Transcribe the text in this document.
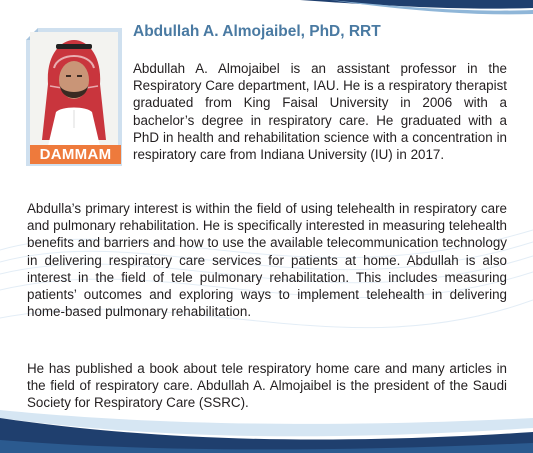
DAMMAM
Abdullah A. Almojaibel, PhD, RRT

Abdullah A. Almojaibel is an assistant professor in the Respiratory Care department, IAU. He is a respiratory therapist graduated from King Faisal University in 2006 with a bachelor’s degree in respiratory care. He graduated with a PhD in health and rehabilitation science with a concentration in respiratory care from Indiana University (IU) in 2017.

Abdulla’s primary interest is within the field of using telehealth in respiratory care and pulmonary rehabilitation. He is specifically interested in measuring telehealth benefits and barriers and how to use the available telecommunication technology in delivering respiratory care services for patients at home. Abdullah is also interest in the field of tele pulmonary rehabilitation. This includes measuring patients’ outcomes and exploring ways to implement telehealth in delivering home-based pulmonary rehabilitation.

He has published a book about tele respiratory home care and many articles in the field of respiratory care. Abdullah A. Almojaibel is the president of the Saudi Society for Respiratory Care (SSRC).
